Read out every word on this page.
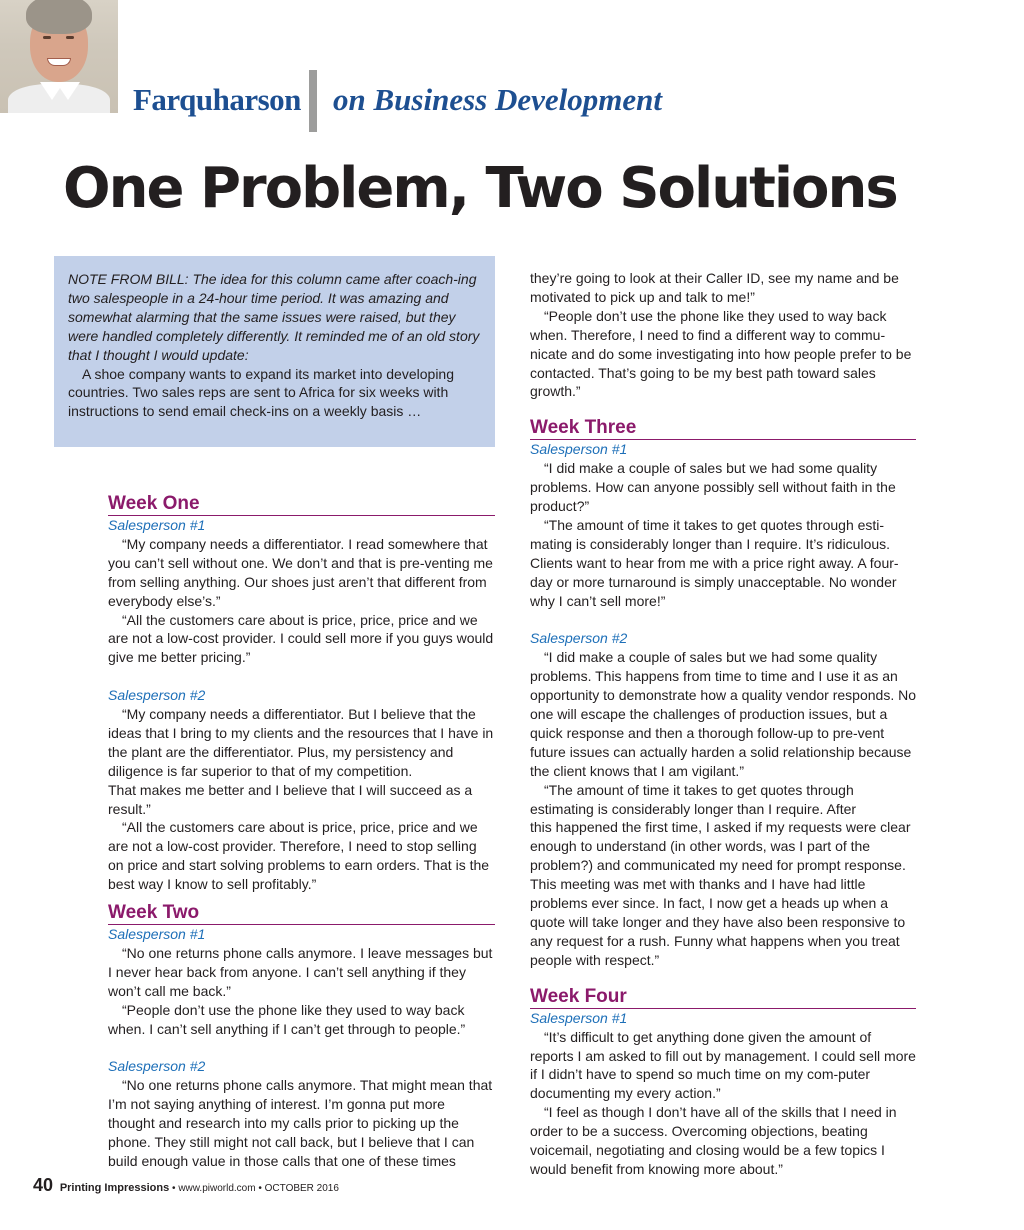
Farquharson on Business Development
One Problem, Two Solutions

NOTE FROM BILL: The idea for this column came after coach-ing two salespeople in a 24-hour time period. It was amazing and somewhat alarming that the same issues were raised, but they were handled completely differently. It reminded me of an old story that I thought I would update:

A shoe company wants to expand its market into developing countries. Two sales reps are sent to Africa for six weeks with instructions to send email check-ins on a weekly basis …

Week One

Salesperson #1

“My company needs a differentiator. I read somewhere that you can’t sell without one. We don’t and that is pre-venting me from selling anything. Our shoes just aren’t that different from everybody else’s.”

“All the customers care about is price, price, price and we are not a low-cost provider. I could sell more if you guys would give me better pricing.”

Salesperson #2

“My company needs a differentiator. But I believe that the ideas that I bring to my clients and the resources that I have in the plant are the differentiator. Plus, my persistency and diligence is far superior to that of my competition.

That makes me better and I believe that I will succeed as a result.”

“All the customers care about is price, price, price and we are not a low-cost provider. Therefore, I need to stop selling on price and start solving problems to earn orders. That is the best way I know to sell profitably.”

Week Two

Salesperson #1

“No one returns phone calls anymore. I leave messages but I never hear back from anyone. I can’t sell anything if they won’t call me back.”

“People don’t use the phone like they used to way back when. I can’t sell anything if I can’t get through to people.”

Salesperson #2

“No one returns phone calls anymore. That might mean that I’m not saying anything of interest. I’m gonna put more thought and research into my calls prior to picking up the phone. They still might not call back, but I believe that I can build enough value in those calls that one of these times

they’re going to look at their Caller ID, see my name and be motivated to pick up and talk to me!”

“People don’t use the phone like they used to way back when. Therefore, I need to find a different way to commu-nicate and do some investigating into how people prefer to be contacted. That’s going to be my best path toward sales growth.”

Week Three

Salesperson #1

“I did make a couple of sales but we had some quality problems. How can anyone possibly sell without faith in the product?”

“The amount of time it takes to get quotes through esti-mating is considerably longer than I require. It’s ridiculous. Clients want to hear from me with a price right away. A four-day or more turnaround is simply unacceptable. No wonder why I can’t sell more!”

Salesperson #2

“I did make a couple of sales but we had some quality problems. This happens from time to time and I use it as an opportunity to demonstrate how a quality vendor responds. No one will escape the challenges of production issues, but a quick response and then a thorough follow-up to pre-vent future issues can actually harden a solid relationship because the client knows that I am vigilant.”

“The amount of time it takes to get quotes through estimating is considerably longer than I require. After

this happened the first time, I asked if my requests were clear enough to understand (in other words, was I part of the problem?) and communicated my need for prompt response. This meeting was met with thanks and I have had little problems ever since. In fact, I now get a heads up when a quote will take longer and they have also been responsive to any request for a rush. Funny what happens when you treat people with respect.”

Week Four

Salesperson #1

“It’s difficult to get anything done given the amount of reports I am asked to fill out by management. I could sell more if I didn’t have to spend so much time on my com-puter documenting my every action.”

“I feel as though I don’t have all of the skills that I need in order to be a success. Overcoming objections, beating voicemail, negotiating and closing would be a few topics I would benefit from knowing more about.”

40 Printing Impressions • www.piworld.com • OCTOBER 2016
